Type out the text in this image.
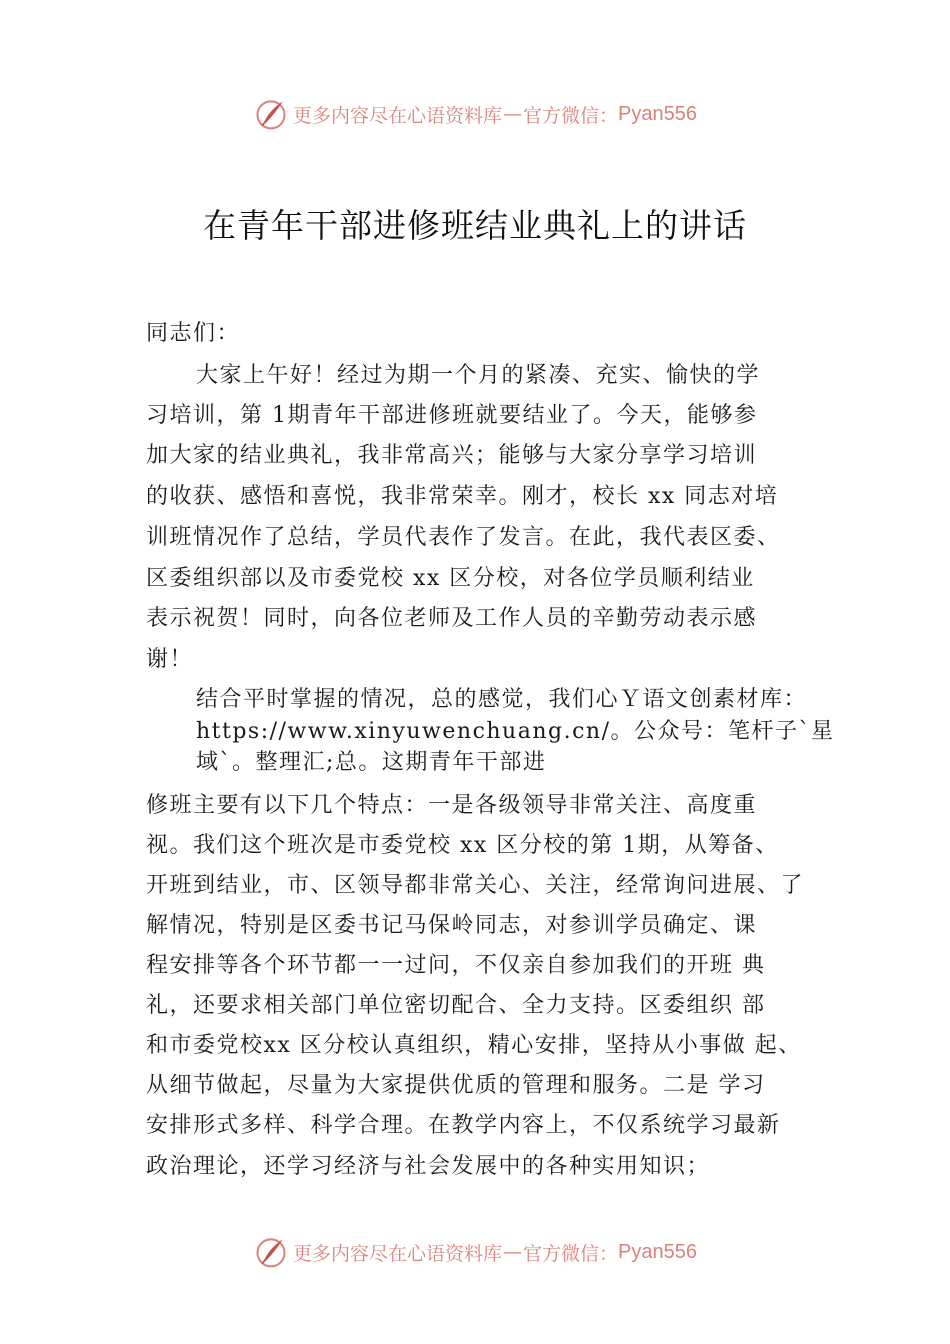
更多内容尽在心语资料库 — 官方微信： Pyan556
在青年干部进修班结业典礼上的讲话
同志们：
大家上午好！经过为期一个月的紧凑、充实、愉快的学
习培训，第 1期青年干部进修班就要结业了。今天，能够参
加大家的结业典礼，我非常高兴；能够与大家分享学习培训
的收获、感悟和喜悦，我非常荣幸。刚才，校长 xx 同志对培
训班情况作了总结，学员代表作了发言。在此，我代表区委、
区委组织部以及市委党校 xx 区分校，对各位学员顺利结业
表示祝贺！同时，向各位老师及工作人员的辛勤劳动表示感
谢！
结合平时掌握的情况，总的感觉，我们心Ｙ语文创素材库：
https://www.xinyuwenchuang.cn/。公众号：笔杆子`星
域`。整理汇;总。这期青年干部进
修班主要有以下几个特点：一是各级领导非常关注、高度重
视。我们这个班次是市委党校 xx 区分校的第 1期，从筹备、
开班到结业，市、区领导都非常关心、关注，经常询问进展、了
解情况，特别是区委书记马保岭同志，对参训学员确定、课
程安排等各个环节都一一过问，不仅亲自参加我们的开班 典
礼，还要求相关部门单位密切配合、全力支持。区委组织 部
和市委党校xx 区分校认真组织，精心安排，坚持从小事做 起、
从细节做起，尽量为大家提供优质的管理和服务。二是 学习
安排形式多样、科学合理。在教学内容上，不仅系统学习最新
政治理论，还学习经济与社会发展中的各种实用知识；
更多内容尽在心语资料库 — 官方微信： Pyan556
